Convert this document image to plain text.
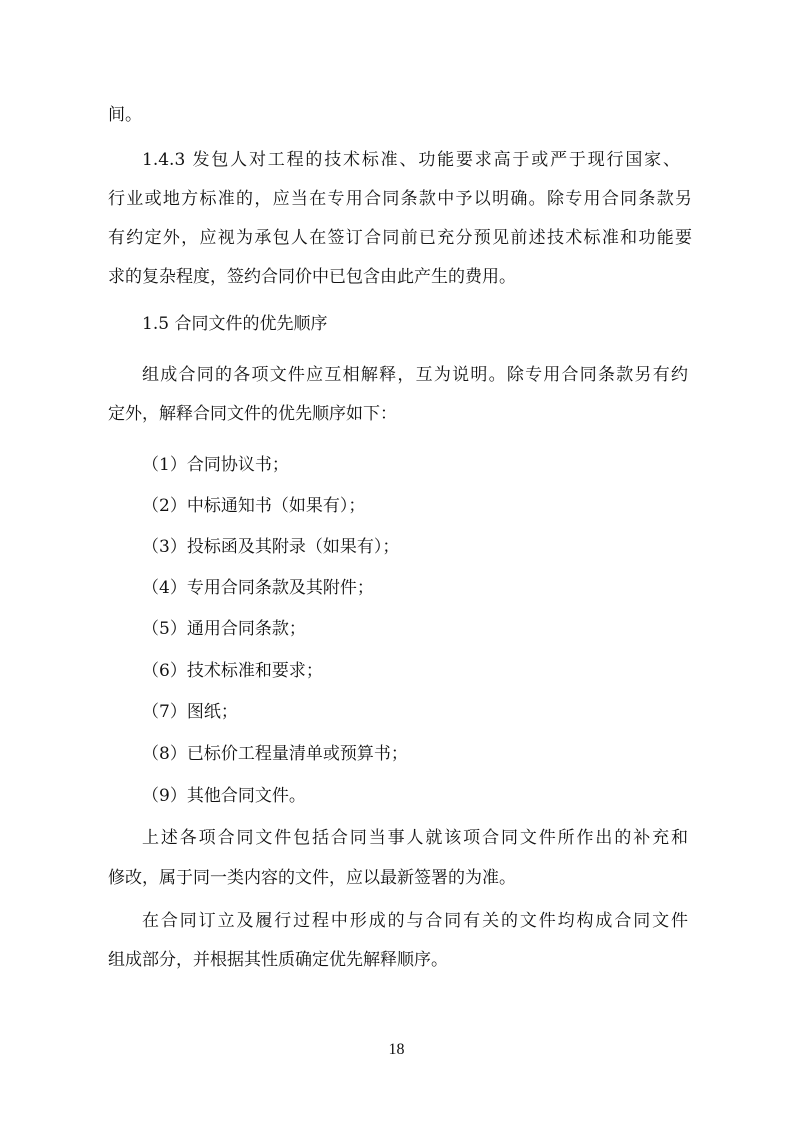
间。

1.4.3 发包人对工程的技术标准、功能要求高于或严于现行国家、

行业或地方标准的，应当在专用合同条款中予以明确。除专用合同条款另

有约定外，应视为承包人在签订合同前已充分预见前述技术标准和功能要

求的复杂程度，签约合同价中已包含由此产生的费用。

1.5 合同文件的优先顺序

组成合同的各项文件应互相解释，互为说明。除专用合同条款另有约

定外，解释合同文件的优先顺序如下：

（1）合同协议书；

（2）中标通知书（如果有）；

（3）投标函及其附录（如果有）；

（4）专用合同条款及其附件；

（5）通用合同条款；

（6）技术标准和要求；

（7）图纸；

（8）已标价工程量清单或预算书；

（9）其他合同文件。

上述各项合同文件包括合同当事人就该项合同文件所作出的补充和

修改，属于同一类内容的文件，应以最新签署的为准。

在合同订立及履行过程中形成的与合同有关的文件均构成合同文件

组成部分，并根据其性质确定优先解释顺序。

18
